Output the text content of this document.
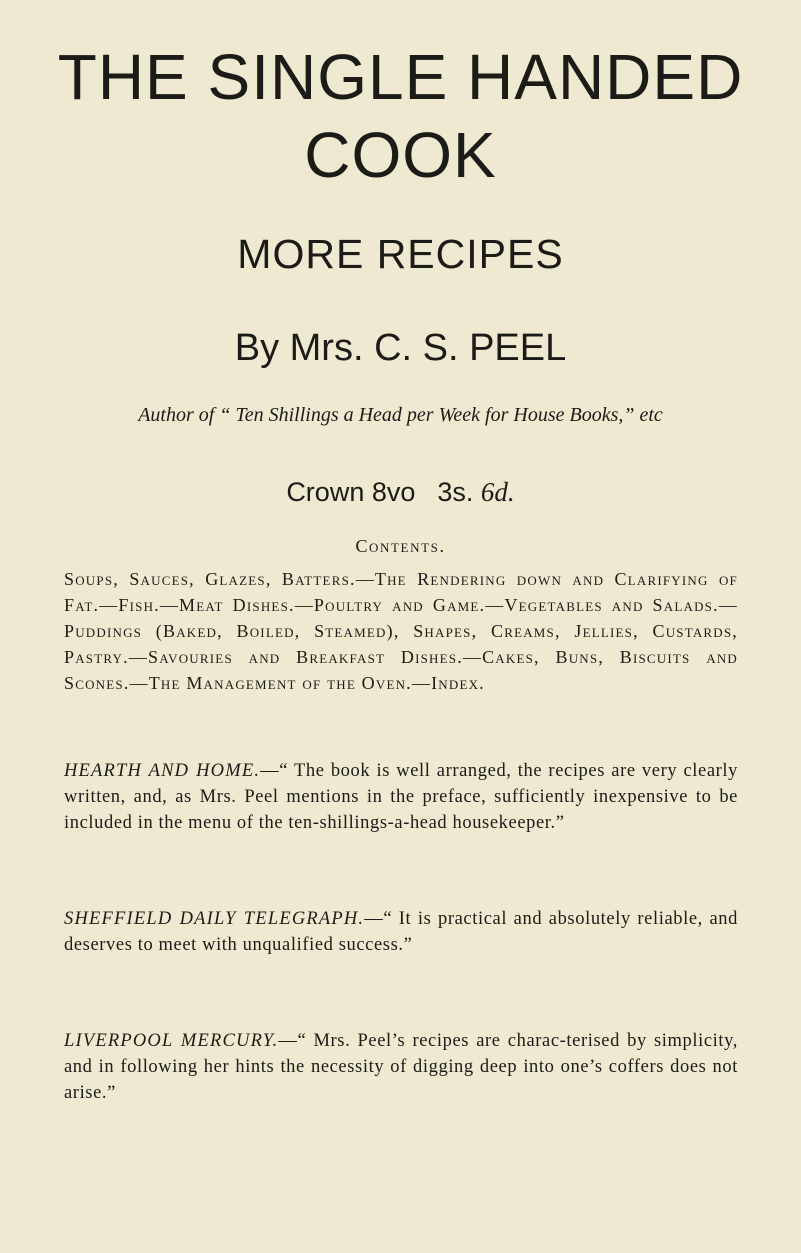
THE SINGLE HANDED
COOK
MORE RECIPES
By Mrs. C. S. PEEL
Author of “ Ten Shillings a Head per Week for House Books,” etc
Crown 8vo 3s. 6d.
Contents.
Soups, Sauces, Glazes, Batters.—The Rendering down and Clarifying of Fat.—Fish.—Meat Dishes.—Poultry and Game.—Vegetables and Salads.—Puddings (Baked, Boiled, Steamed), Shapes, Creams, Jellies, Custards, Pastry.—Savouries and Breakfast Dishes.—Cakes, Buns, Biscuits and Scones.—The Management of the Oven.—Index.
HEARTH AND HOME.—“ The book is well arranged, the recipes are very clearly written, and, as Mrs. Peel mentions in the preface, sufficiently inexpensive to be included in the menu of the ten-shillings-a-head housekeeper.”
SHEFFIELD DAILY TELEGRAPH.—“ It is practical and absolutely reliable, and deserves to meet with unqualified success.”
LIVERPOOL MERCURY.—“ Mrs. Peel’s recipes are charac-terised by simplicity, and in following her hints the necessity of digging deep into one’s coffers does not arise.”
